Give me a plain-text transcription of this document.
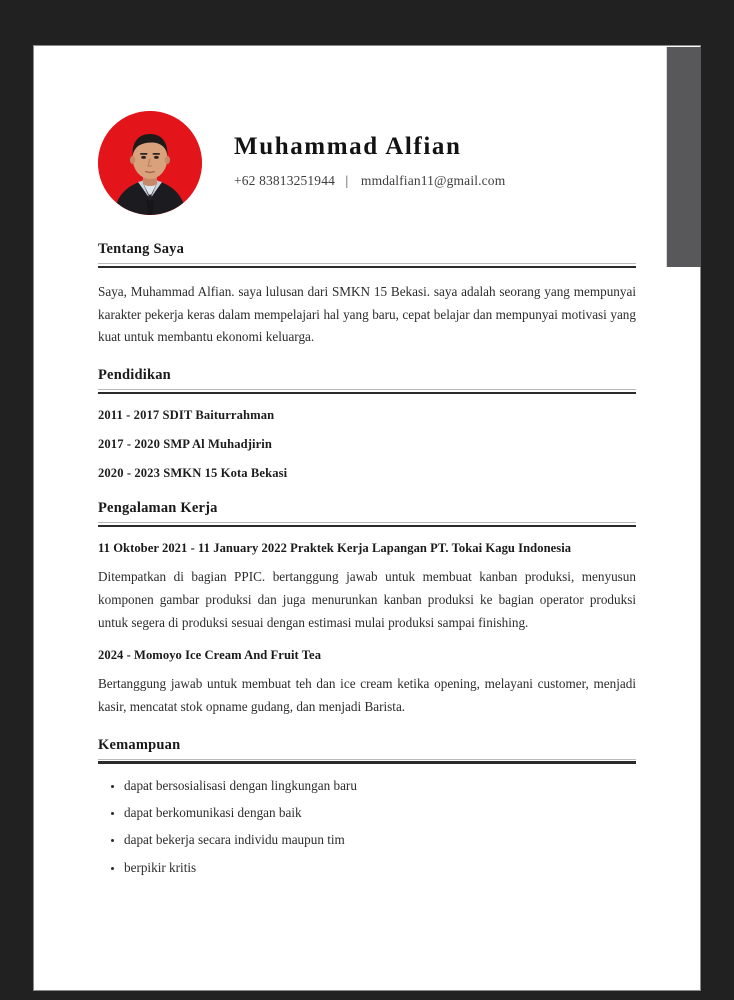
Muhammad Alfian
+62 83813251944 | mmdalfian11@gmail.com
Tentang Saya

Saya, Muhammad Alfian. saya lulusan dari SMKN 15 Bekasi. saya adalah seorang yang mempunyai karakter pekerja keras dalam mempelajari hal yang baru, cepat belajar dan mempunyai motivasi yang kuat untuk membantu ekonomi keluarga.

Pendidikan
2011 - 2017 SDIT Baiturrahman
2017 - 2020 SMP Al Muhadjirin
2020 - 2023 SMKN 15 Kota Bekasi
Pengalaman Kerja
11 Oktober 2021 - 11 January 2022 Praktek Kerja Lapangan PT. Tokai Kagu Indonesia

Ditempatkan di bagian PPIC. bertanggung jawab untuk membuat kanban produksi, menyusun komponen gambar produksi dan juga menurunkan kanban produksi ke bagian operator produksi untuk segera di produksi sesuai dengan estimasi mulai produksi sampai finishing.

2024 - Momoyo Ice Cream And Fruit Tea

Bertanggung jawab untuk membuat teh dan ice cream ketika opening, melayani customer, menjadi kasir, mencatat stok opname gudang, dan menjadi Barista.

Kemampuan
dapat bersosialisasi dengan lingkungan baru
dapat berkomunikasi dengan baik
dapat bekerja secara individu maupun tim
berpikir kritis
